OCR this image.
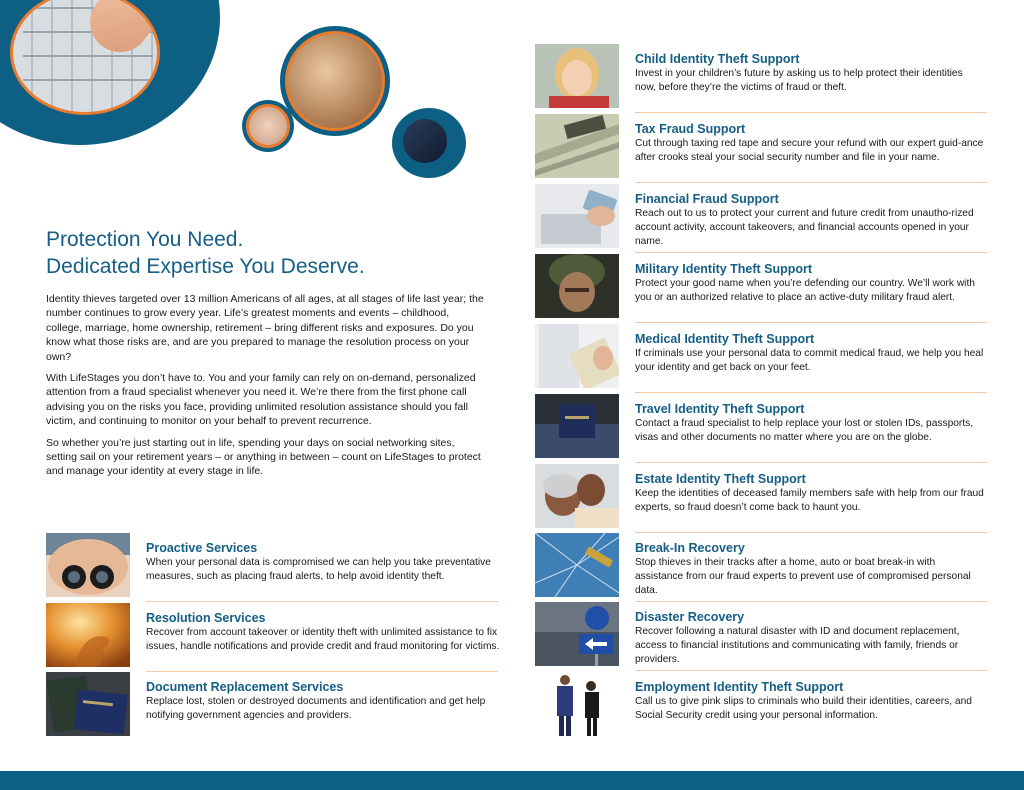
Protection You Need.
Dedicated Expertise You Deserve.

Identity thieves targeted over 13 million Americans of all ages, at all stages of life last year; the number continues to grow every year. Life’s greatest moments and events – childhood, college, marriage, home ownership, retirement – bring different risks and exposures. Do you know what those risks are, and are you prepared to manage the resolution process on your own?

With LifeStages you don’t have to. You and your family can rely on on-demand, personalized attention from a fraud specialist whenever you need it. We’re there from the first phone call advising you on the risks you face, providing unlimited resolution assistance should you fall victim, and continuing to monitor on your behalf to prevent recurrence.

So whether you’re just starting out in life, spending your days on social networking sites, setting sail on your retirement years – or anything in between – count on LifeStages to protect and manage your identity at every stage in life.

Proactive Services
When your personal data is compromised we can help you take preventative measures, such as placing fraud alerts, to help avoid identity theft.
Resolution Services
Recover from account takeover or identity theft with unlimited assistance to fix issues, handle notifications and provide credit and fraud monitoring for victims.
Document Replacement Services
Replace lost, stolen or destroyed documents and identification and get help notifying government agencies and providers.
Child Identity Theft Support
Invest in your children’s future by asking us to help protect their identities now, before they’re the victims of fraud or theft.
Tax Fraud Support
Cut through taxing red tape and secure your refund with our expert guid-ance after crooks steal your social security number and file in your name.
Financial Fraud Support
Reach out to us to protect your current and future credit from unautho-rized account activity, account takeovers, and financial accounts opened in your name.
Military Identity Theft Support
Protect your good name when you’re defending our country. We’ll work with you or an authorized relative to place an active-duty military fraud alert.
Medical Identity Theft Support
If criminals use your personal data to commit medical fraud, we help you heal your identity and get back on your feet.
Travel Identity Theft Support
Contact a fraud specialist to help replace your lost or stolen IDs, passports, visas and other documents no matter where you are on the globe.
Estate Identity Theft Support
Keep the identities of deceased family members safe with help from our fraud experts, so fraud doesn’t come back to haunt you.
Break-In Recovery
Stop thieves in their tracks after a home, auto or boat break-in with assistance from our fraud experts to prevent use of compromised personal data.
Disaster Recovery
Recover following a natural disaster with ID and document replacement, access to financial institutions and communicating with family, friends or providers.
Employment Identity Theft Support
Call us to give pink slips to criminals who build their identities, careers, and Social Security credit using your personal information.
